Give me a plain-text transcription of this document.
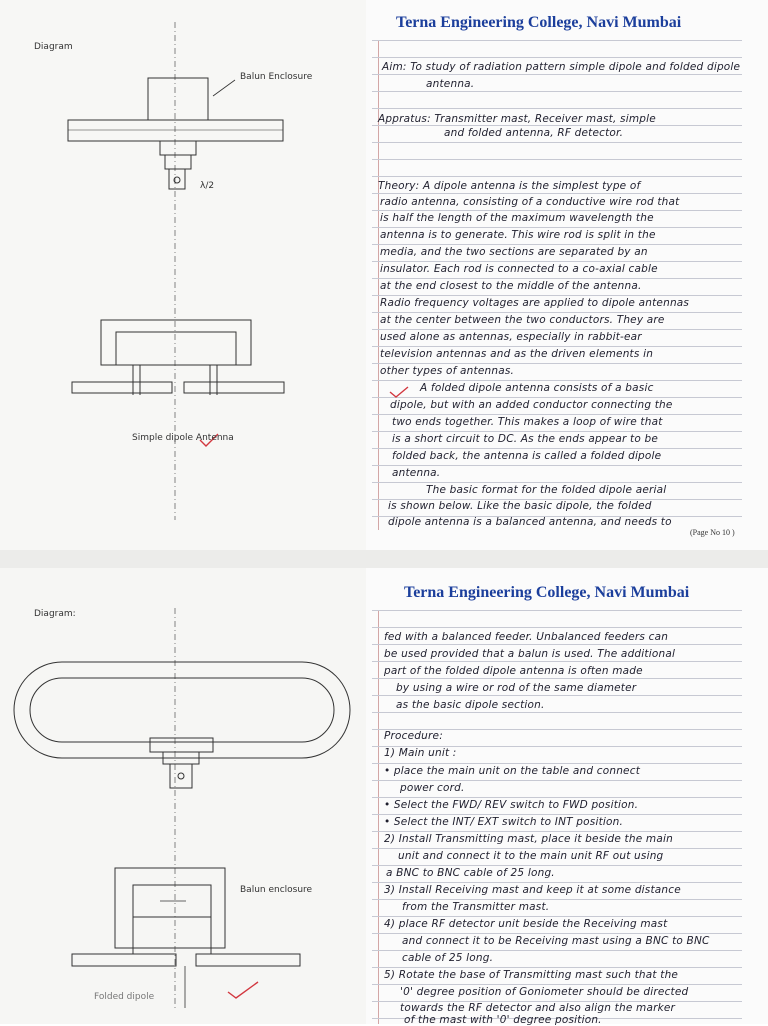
Diagram
Balun Enclosure
λ/2
Simple dipole Antenna
Terna Engineering College, Navi Mumbai
Aim: To study of radiation pattern simple dipole and folded dipole
antenna.
Appratus: Transmitter mast, Receiver mast, simple
and folded antenna, RF detector.
Theory: A dipole antenna is the simplest type of
radio antenna, consisting of a conductive wire rod that
is half the length of the maximum wavelength the
antenna is to generate. This wire rod is split in the
media, and the two sections are separated by an
insulator. Each rod is connected to a co-axial cable
at the end closest to the middle of the antenna.
Radio frequency voltages are applied to dipole antennas
at the center between the two conductors. They are
used alone as antennas, especially in rabbit-ear
television antennas and as the driven elements in
other types of antennas.
A folded dipole antenna consists of a basic
dipole, but with an added conductor connecting the
two ends together. This makes a loop of wire that
is a short circuit to DC. As the ends appear to be
folded back, the antenna is called a folded dipole
antenna.
The basic format for the folded dipole aerial
is shown below. Like the basic dipole, the folded
dipole antenna is a balanced antenna, and needs to
(Page No 10 )
Diagram:
Balun enclosure
Folded dipole
Terna Engineering College, Navi Mumbai
fed with a balanced feeder. Unbalanced feeders can
be used provided that a balun is used. The additional
part of the folded dipole antenna is often made
by using a wire or rod of the same diameter
as the basic dipole section.
Procedure:
1) Main unit :
• place the main unit on the table and connect
power cord.
• Select the FWD/ REV switch to FWD position.
• Select the INT/ EXT switch to INT position.
2) Install Transmitting mast, place it beside the main
unit and connect it to the main unit RF out using
a BNC to BNC cable of 25 long.
3) Install Receiving mast and keep it at some distance
from the Transmitter mast.
4) place RF detector unit beside the Receiving mast
and connect it to be Receiving mast using a BNC to BNC
cable of 25 long.
5) Rotate the base of Transmitting mast such that the
'0' degree position of Goniometer should be directed
towards the RF detector and also align the marker
of the mast with '0' degree position.
